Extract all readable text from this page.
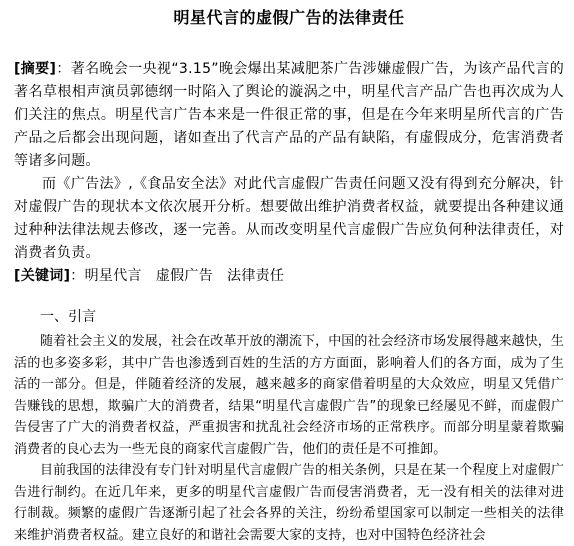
明星代言的虚假广告的法律责任

[摘要]：著名晚会一央视“3.15”晚会爆出某减肥茶广告涉嫌虚假广告，为该产品代言的著名草根相声演员郭德纲一时陷入了舆论的漩涡之中，明星代言产品广告也再次成为人们关注的焦点。明星代言广告本来是一件很正常的事，但是在今年来明星所代言的广告产品之后都会出现问题，诸如查出了代言产品的产品有缺陷，有虚假成分，危害消费者等诸多问题。

而《广告法》,《食品安全法》对此代言虚假广告责任问题又没有得到充分解决，针对虚假广告的现状本文依次展开分析。想要做出维护消费者权益，就要提出各种建议通过种种法律法规去修改，逐一完善。从而改变明星代言虚假广告应负何种法律责任，对消费者负责。

[关键词]：明星代言 虚假广告 法律责任

一、引言

随着社会主义的发展，社会在改革开放的潮流下，中国的社会经济市场发展得越来越快，生活的也多姿多彩，其中广告也渗透到百姓的生活的方方面面，影响着人们的各方面，成为了生活的一部分。但是，伴随着经济的发展，越来越多的商家借着明星的大众效应，明星又凭借广告赚钱的思想，欺骗广大的消费者，结果“明星代言虚假广告”的现象已经屡见不鲜，而虚假广告侵害了广大的消费者权益，严重损害和扰乱社会经济市场的正常秩序。而部分明星蒙着欺骗消费者的良心去为一些无良的商家代言虚假广告，他们的责任是不可推卸。

目前我国的法律没有专门针对明星代言虚假广告的相关条例，只是在某一个程度上对虚假广告进行制约。在近几年来，更多的明星代言虚假广告而侵害消费者，无一没有相关的法律对进行制裁。频繁的虚假广告逐渐引起了社会各界的关注，纷纷希望国家可以制定一些相关的法律来维护消费者权益。建立良好的和谐社会需要大家的支持，也对中国特色经济社会
